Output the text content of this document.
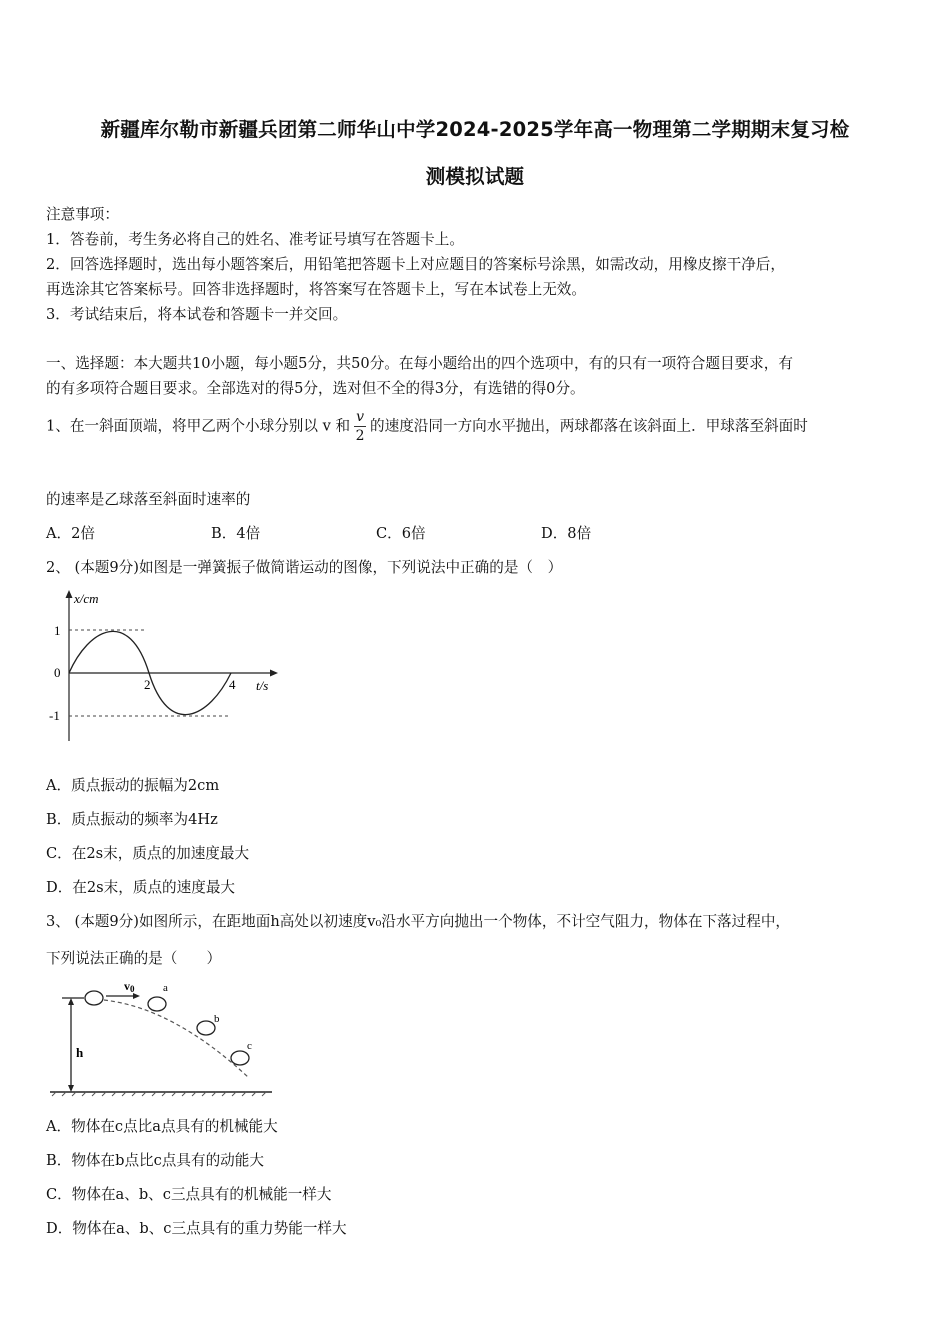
新疆库尔勒市新疆兵团第二师华山中学2024-2025学年高一物理第二学期期末复习检
测模拟试题
注意事项：
1．答卷前，考生务必将自己的姓名、准考证号填写在答题卡上。
2．回答选择题时，选出每小题答案后，用铅笔把答题卡上对应题目的答案标号涂黑，如需改动，用橡皮擦干净后，
再选涂其它答案标号。回答非选择题时，将答案写在答题卡上，写在本试卷上无效。
3．考试结束后，将本试卷和答题卡一并交回。
一、选择题：本大题共10小题，每小题5分，共50分。在每小题给出的四个选项中，有的只有一项符合题目要求，有
的有多项符合题目要求。全部选对的得5分，选对但不全的得3分，有选错的得0分。
1、在一斜面顶端，将甲乙两个小球分别以 v 和 $\frac{v}{2}$ 的速度沿同一方向水平抛出，两球都落在该斜面上．甲球落至斜面时
的速率是乙球落至斜面时速率的
A．2倍	B．4倍	C．6倍	D．8倍
2、 (本题9分)如图是一弹簧振子做简谐运动的图像，下列说法中正确的是（　）
x/cm
1
0
-1
2	4 t/s
A．质点振动的振幅为2cm
B．质点振动的频率为4Hz
C．在2s末，质点的加速度最大
D．在2s末，质点的速度最大
3、 (本题9分)如图所示，在距地面h高处以初速度v₀沿水平方向抛出一个物体，不计空气阻力，物体在下落过程中，
下列说法正确的是（　　）
h
v0	a
b
c
A．物体在c点比a点具有的机械能大
B．物体在b点比c点具有的动能大
C．物体在a、b、c三点具有的机械能一样大
D．物体在a、b、c三点具有的重力势能一样大
